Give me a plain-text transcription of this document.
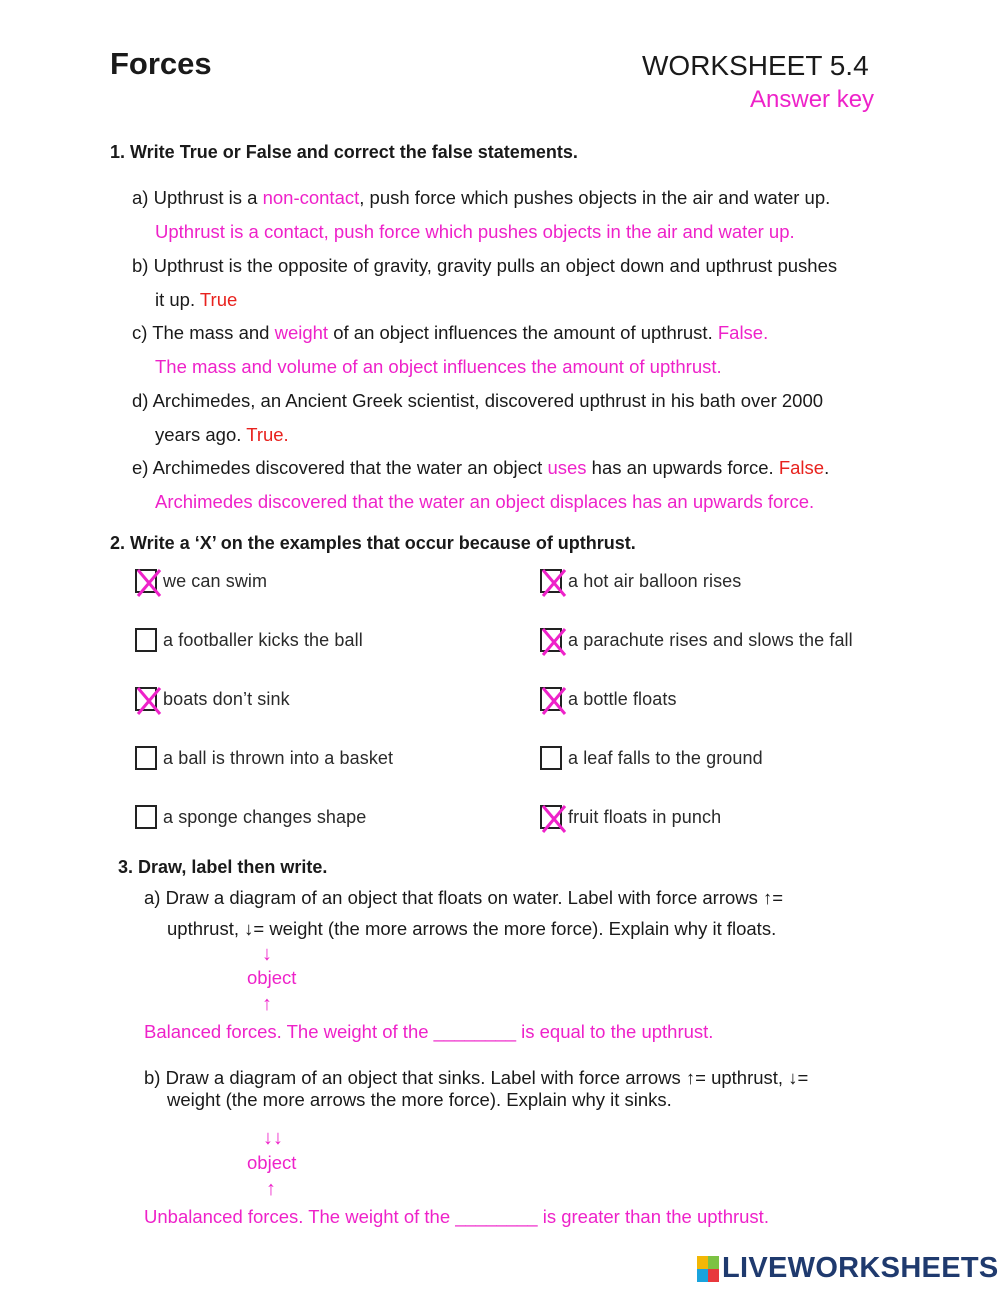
Forces	WORKSHEET 5.4
Answer key
1. Write True or False and correct the false statements.
a) Upthrust is a non-contact, push force which pushes objects in the air and water up.
Upthrust is a contact, push force which pushes objects in the air and water up.
b) Upthrust is the opposite of gravity, gravity pulls an object down and upthrust pushes
it up. True
c) The mass and weight of an object influences the amount of upthrust. False.
The mass and volume of an object influences the amount of upthrust.
d) Archimedes, an Ancient Greek scientist, discovered upthrust in his bath over 2000
years ago. True.
e) Archimedes discovered that the water an object uses has an upwards force. False.
Archimedes discovered that the water an object displaces has an upwards force.
2. Write a ‘X’ on the examples that occur because of upthrust.
we can swim
a footballer kicks the ball
boats don’t sink
a ball is thrown into a basket
a sponge changes shape
a hot air balloon rises
a parachute rises and slows the fall
a bottle floats
a leaf falls to the ground
fruit floats in punch
3. Draw, label then write.
a) Draw a diagram of an object that floats on water. Label with force arrows ↑=
upthrust, ↓= weight (the more arrows the more force). Explain why it floats.
↓
object
↑
Balanced forces. The weight of the ________ is equal to the upthrust.
b) Draw a diagram of an object that sinks. Label with force arrows ↑= upthrust, ↓=
weight (the more arrows the more force). Explain why it sinks.
↓↓
object
↑
Unbalanced forces. The weight of the ________ is greater than the upthrust.
LIVEWORKSHEETS
